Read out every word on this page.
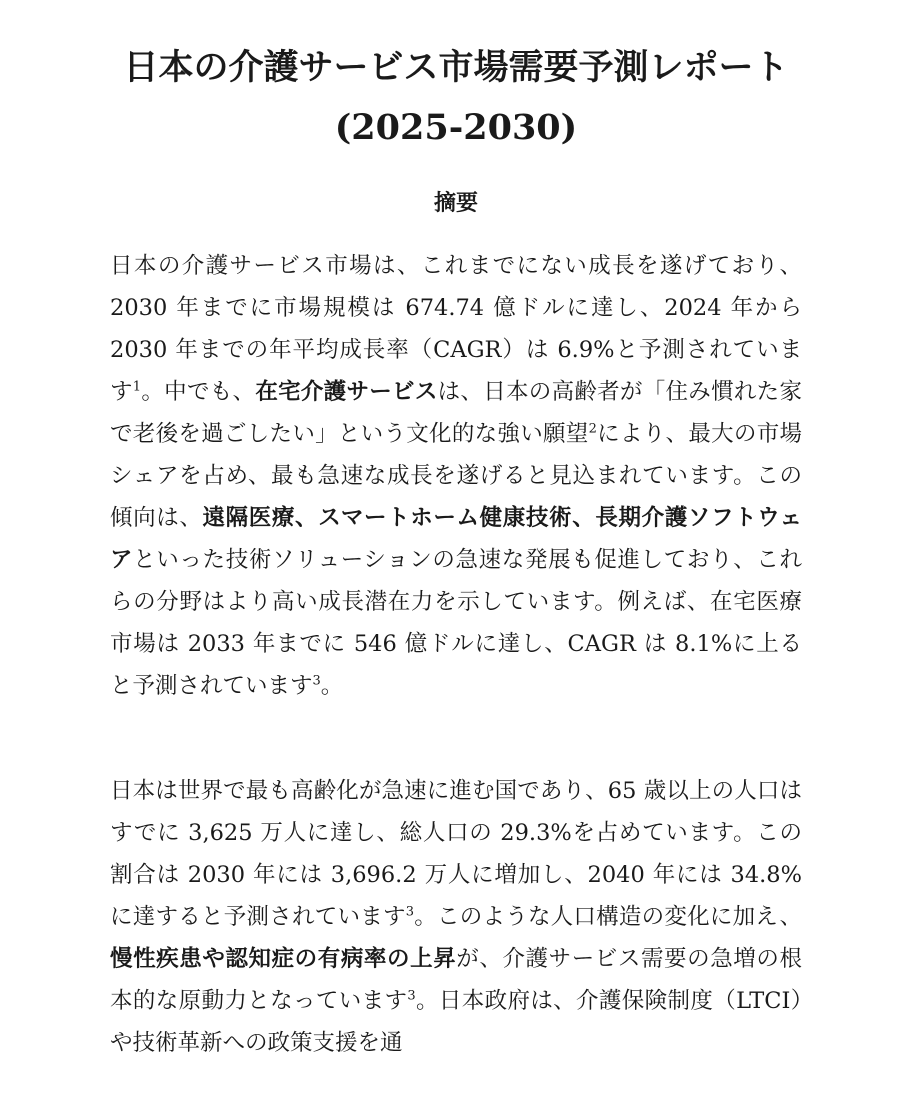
日本の介護サービス市場需要予測レポート
(2025-2030)
摘要

日本の介護サービス市場は、これまでにない成長を遂げており、2030 年までに市場規模は 674.74 億ドルに達し、2024 年から 2030 年までの年平均成長率（CAGR）は 6.9%と予測されています$^1$。中でも、在宅介護サービスは、日本の高齢者が「住み慣れた家で老後を過ごしたい」という文化的な強い願望$^2$により、最大の市場シェアを占め、最も急速な成長を遂げると見込まれています。この傾向は、遠隔医療、スマートホーム健康技術、長期介護ソフトウェアといった技術ソリューションの急速な発展も促進しており、これらの分野はより高い成長潜在力を示しています。例えば、在宅医療市場は 2033 年までに 546 億ドルに達し、CAGR は 8.1%に上ると予測されています$^3$。

日本は世界で最も高齢化が急速に進む国であり、65 歳以上の人口はすでに 3,625 万人に達し、総人口の 29.3%を占めています。この割合は 2030 年には 3,696.2 万人に増加し、2040 年には 34.8%に達すると予測されています$^3$。このような人口構造の変化に加え、慢性疾患や認知症の有病率の上昇が、介護サービス需要の急増の根本的な原動力となっています$^3$。日本政府は、介護保険制度（LTCI）や技術革新への政策支援を通
